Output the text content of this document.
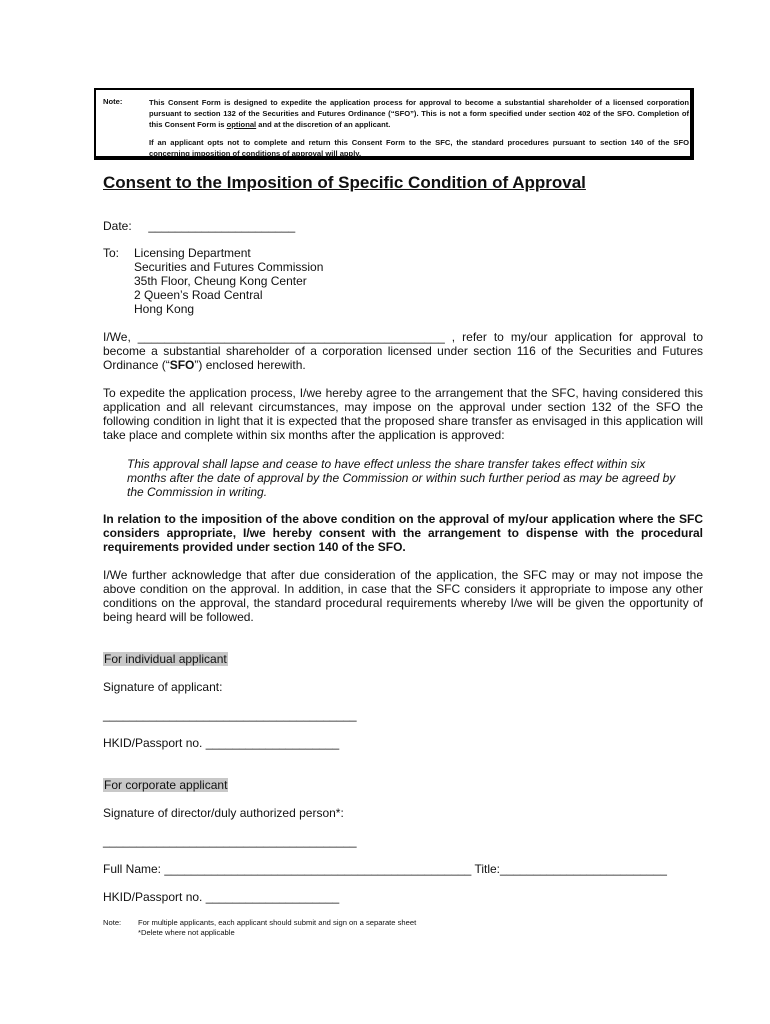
Note:	This Consent Form is designed to expedite the application process for approval to become a substantial shareholder of a licensed corporation pursuant to section 132 of the Securities and Futures Ordinance (“SFO”). This is not a form specified under section 402 of the SFO. Completion of this Consent Form is optional and at the discretion of an applicant.
If an applicant opts not to complete and return this Consent Form to the SFC, the standard procedures pursuant to section 140 of the SFO concerning imposition of conditions of approval will apply.
Consent to the Imposition of Specific Condition of Approval
Date:     ______________________
To:	Licensing Department
Securities and Futures Commission
35th Floor, Cheung Kong Center
2 Queen’s Road Central
Hong Kong
I/We, ______________________________________________ , refer to my/our application for approval to become a substantial shareholder of a corporation licensed under section 116 of the Securities and Futures Ordinance (“SFO”) enclosed herewith.
To expedite the application process, I/we hereby agree to the arrangement that the SFC, having considered this application and all relevant circumstances, may impose on the approval under section 132 of the SFO the following condition in light that it is expected that the proposed share transfer as envisaged in this application will take place and complete within six months after the application is approved:
This approval shall lapse and cease to have effect unless the share transfer takes effect within six months after the date of approval by the Commission or within such further period as may be agreed by the Commission in writing.
In relation to the imposition of the above condition on the approval of my/our application where the SFC considers appropriate, I/we hereby consent with the arrangement to dispense with the procedural requirements provided under section 140 of the SFO.
I/We further acknowledge that after due consideration of the application, the SFC may or may not impose the above condition on the approval. In addition, in case that the SFC considers it appropriate to impose any other conditions on the approval, the standard procedural requirements whereby I/we will be given the opportunity of being heard will be followed.
For individual applicant
Signature of applicant:
______________________________________
HKID/Passport no. ____________________
For corporate applicant
Signature of director/duly authorized person*:
______________________________________
Full Name: ______________________________________________ Title:_________________________
HKID/Passport no. ____________________
Note: For multiple applicants, each applicant should submit and sign on a separate sheet
*Delete where not applicable
